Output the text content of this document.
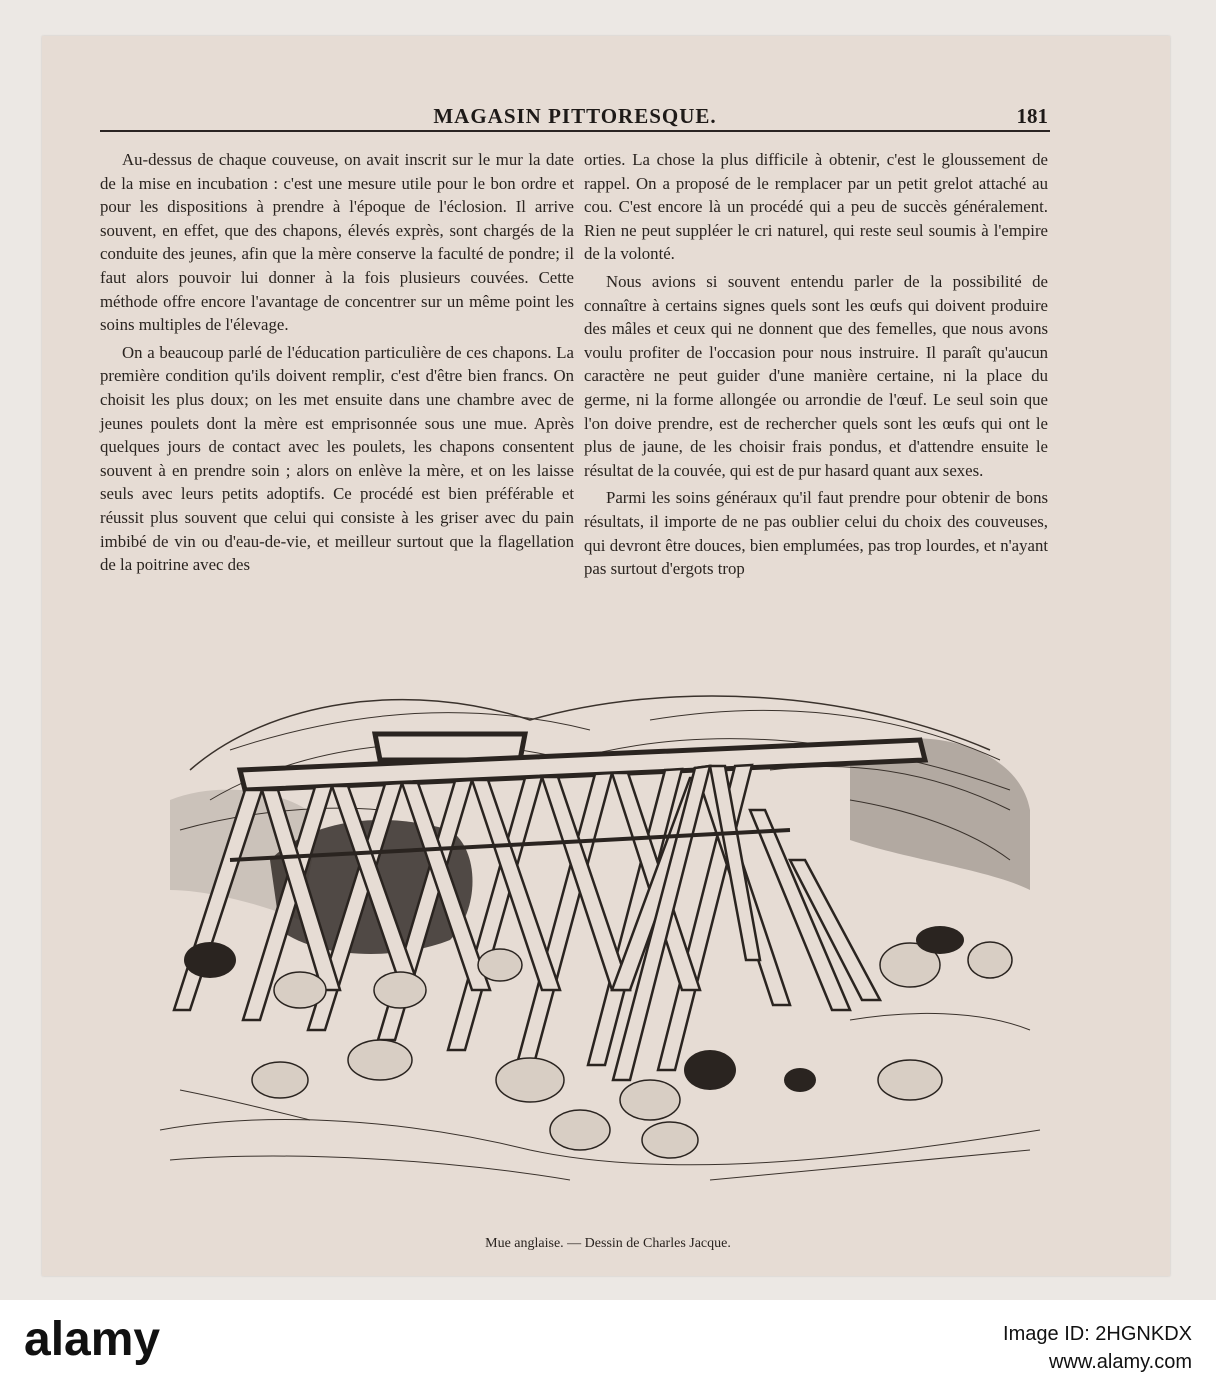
MAGASIN PITTORESQUE.	181

Au-dessus de chaque couveuse, on avait inscrit sur le mur la date de la mise en incubation : c'est une mesure utile pour le bon ordre et pour les dispositions à prendre à l'époque de l'éclosion. Il arrive souvent, en effet, que des chapons, élevés exprès, sont chargés de la conduite des jeunes, afin que la mère conserve la faculté de pondre; il faut alors pouvoir lui donner à la fois plusieurs couvées. Cette méthode offre encore l'avantage de concentrer sur un même point les soins multiples de l'élevage.

On a beaucoup parlé de l'éducation particulière de ces chapons. La première condition qu'ils doivent remplir, c'est d'être bien francs. On choisit les plus doux; on les met ensuite dans une chambre avec de jeunes poulets dont la mère est emprisonnée sous une mue. Après quelques jours de contact avec les poulets, les chapons consentent souvent à en prendre soin ; alors on enlève la mère, et on les laisse seuls avec leurs petits adoptifs. Ce procédé est bien préférable et réussit plus souvent que celui qui consiste à les griser avec du pain imbibé de vin ou d'eau-de-vie, et meilleur surtout que la flagellation de la poitrine avec des

orties. La chose la plus difficile à obtenir, c'est le gloussement de rappel. On a proposé de le remplacer par un petit grelot attaché au cou. C'est encore là un procédé qui a peu de succès généralement. Rien ne peut suppléer le cri naturel, qui reste seul soumis à l'empire de la volonté.

Nous avions si souvent entendu parler de la possibilité de connaître à certains signes quels sont les œufs qui doivent produire des mâles et ceux qui ne donnent que des femelles, que nous avons voulu profiter de l'occasion pour nous instruire. Il paraît qu'aucun caractère ne peut guider d'une manière certaine, ni la place du germe, ni la forme allongée ou arrondie de l'œuf. Le seul soin que l'on doive prendre, est de rechercher quels sont les œufs qui ont le plus de jaune, de les choisir frais pondus, et d'attendre ensuite le résultat de la couvée, qui est de pur hasard quant aux sexes.

Parmi les soins généraux qu'il faut prendre pour obtenir de bons résultats, il importe de ne pas oublier celui du choix des couveuses, qui devront être douces, bien emplumées, pas trop lourdes, et n'ayant pas surtout d'ergots trop

Mue anglaise. — Dessin de Charles Jacque.
alamy	Image ID: 2HGNKDX
www.alamy.com
